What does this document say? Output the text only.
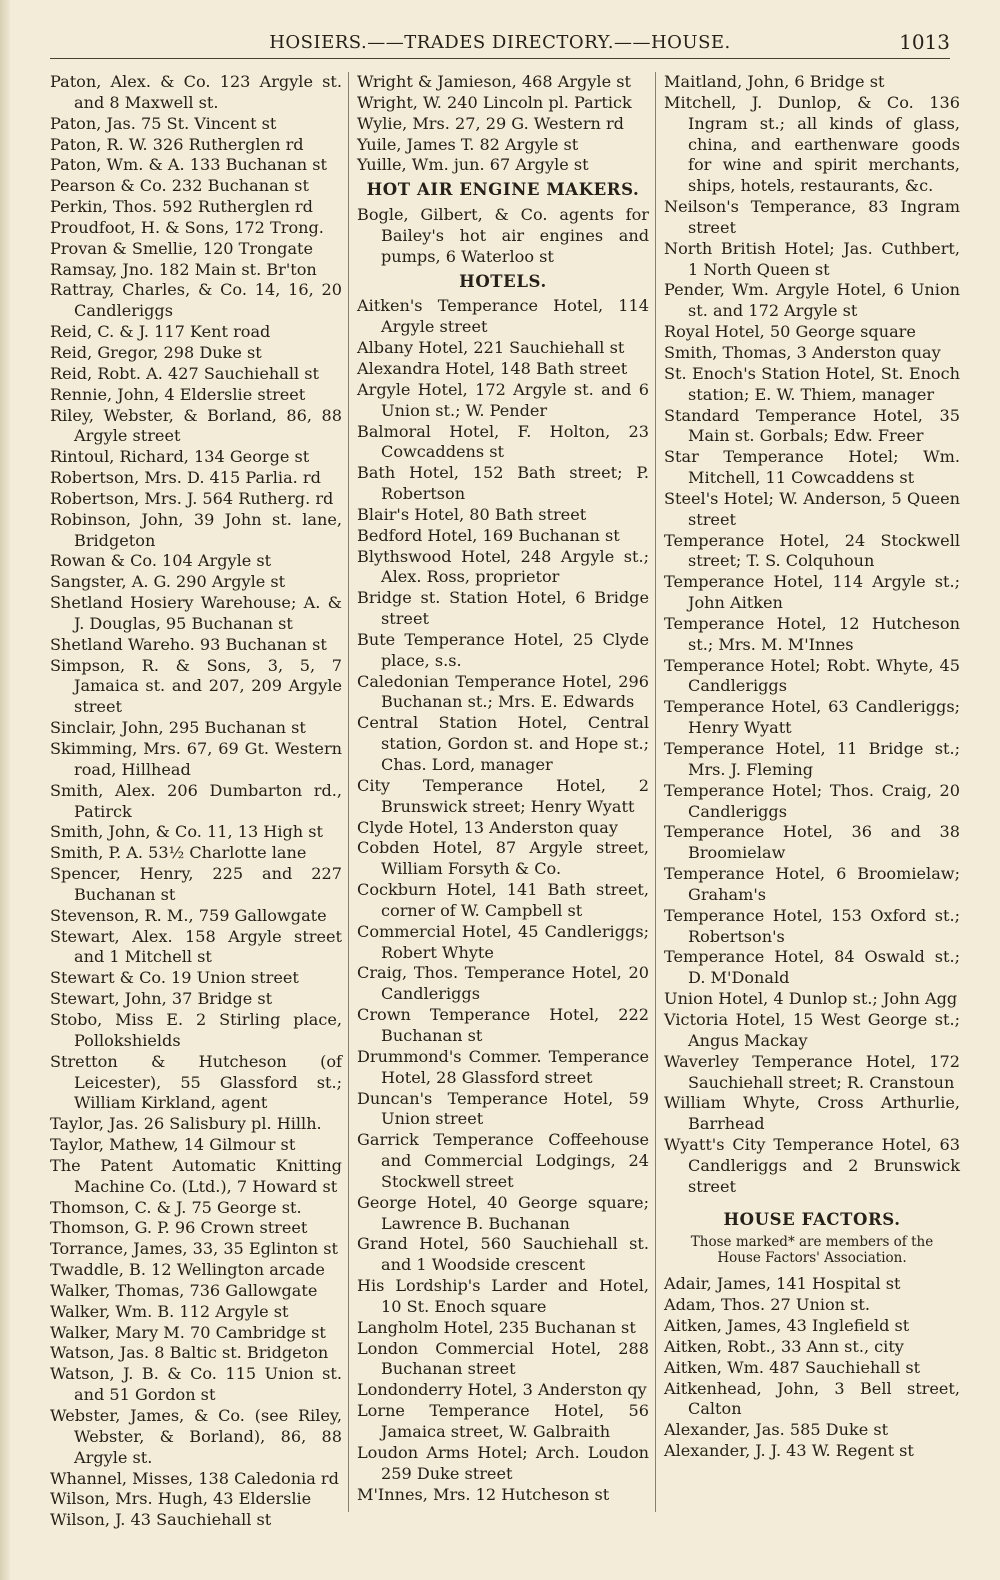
HOSIERS.——TRADES DIRECTORY.——HOUSE.	1013
Paton, Alex. & Co. 123 Argyle st. and 8 Maxwell st.
Paton, Jas. 75 St. Vincent st
Paton, R. W. 326 Rutherglen rd
Paton, Wm. & A. 133 Buchanan st
Pearson & Co. 232 Buchanan st
Perkin, Thos. 592 Rutherglen rd
Proudfoot, H. & Sons, 172 Trong.
Provan & Smellie, 120 Trongate
Ramsay, Jno. 182 Main st. Br'ton
Rattray, Charles, & Co. 14, 16, 20 Candleriggs
Reid, C. & J. 117 Kent road
Reid, Gregor, 298 Duke st
Reid, Robt. A. 427 Sauchiehall st
Rennie, John, 4 Elderslie street
Riley, Webster, & Borland, 86, 88 Argyle street
Rintoul, Richard, 134 George st
Robertson, Mrs. D. 415 Parlia. rd
Robertson, Mrs. J. 564 Rutherg. rd
Robinson, John, 39 John st. lane, Bridgeton
Rowan & Co. 104 Argyle st
Sangster, A. G. 290 Argyle st
Shetland Hosiery Warehouse; A. & J. Douglas, 95 Buchanan st
Shetland Wareho. 93 Buchanan st
Simpson, R. & Sons, 3, 5, 7 Jamaica st. and 207, 209 Argyle street
Sinclair, John, 295 Buchanan st
Skimming, Mrs. 67, 69 Gt. Western road, Hillhead
Smith, Alex. 206 Dumbarton rd., Patirck
Smith, John, & Co. 11, 13 High st
Smith, P. A. 53½ Charlotte lane
Spencer, Henry, 225 and 227 Buchanan st
Stevenson, R. M., 759 Gallowgate
Stewart, Alex. 158 Argyle street and 1 Mitchell st
Stewart & Co. 19 Union street
Stewart, John, 37 Bridge st
Stobo, Miss E. 2 Stirling place, Pollokshields
Stretton & Hutcheson (of Leicester), 55 Glassford st.; William Kirkland, agent
Taylor, Jas. 26 Salisbury pl. Hillh.
Taylor, Mathew, 14 Gilmour st
The Patent Automatic Knitting Machine Co. (Ltd.), 7 Howard st
Thomson, C. & J. 75 George st.
Thomson, G. P. 96 Crown street
Torrance, James, 33, 35 Eglinton st
Twaddle, B. 12 Wellington arcade
Walker, Thomas, 736 Gallowgate
Walker, Wm. B. 112 Argyle st
Walker, Mary M. 70 Cambridge st
Watson, Jas. 8 Baltic st. Bridgeton
Watson, J. B. & Co. 115 Union st. and 51 Gordon st
Webster, James, & Co. (see Riley, Webster, & Borland), 86, 88 Argyle st.
Whannel, Misses, 138 Caledonia rd
Wilson, Mrs. Hugh, 43 Elderslie
Wilson, J. 43 Sauchiehall st
Wright & Jamieson, 468 Argyle st
Wright, W. 240 Lincoln pl. Partick
Wylie, Mrs. 27, 29 G. Western rd
Yuile, James T. 82 Argyle st
Yuille, Wm. jun. 67 Argyle st
HOT AIR ENGINE MAKERS.
Bogle, Gilbert, & Co. agents for Bailey's hot air engines and pumps, 6 Waterloo st
HOTELS.
Aitken's Temperance Hotel, 114 Argyle street
Albany Hotel, 221 Sauchiehall st
Alexandra Hotel, 148 Bath street
Argyle Hotel, 172 Argyle st. and 6 Union st.; W. Pender
Balmoral Hotel, F. Holton, 23 Cowcaddens st
Bath Hotel, 152 Bath street; P. Robertson
Blair's Hotel, 80 Bath street
Bedford Hotel, 169 Buchanan st
Blythswood Hotel, 248 Argyle st.; Alex. Ross, proprietor
Bridge st. Station Hotel, 6 Bridge street
Bute Temperance Hotel, 25 Clyde place, s.s.
Caledonian Temperance Hotel, 296 Buchanan st.; Mrs. E. Edwards
Central Station Hotel, Central station, Gordon st. and Hope st.; Chas. Lord, manager
City Temperance Hotel, 2 Brunswick street; Henry Wyatt
Clyde Hotel, 13 Anderston quay
Cobden Hotel, 87 Argyle street, William Forsyth & Co.
Cockburn Hotel, 141 Bath street, corner of W. Campbell st
Commercial Hotel, 45 Candleriggs; Robert Whyte
Craig, Thos. Temperance Hotel, 20 Candleriggs
Crown Temperance Hotel, 222 Buchanan st
Drummond's Commer. Temperance Hotel, 28 Glassford street
Duncan's Temperance Hotel, 59 Union street
Garrick Temperance Coffeehouse and Commercial Lodgings, 24 Stockwell street
George Hotel, 40 George square; Lawrence B. Buchanan
Grand Hotel, 560 Sauchiehall st. and 1 Woodside crescent
His Lordship's Larder and Hotel, 10 St. Enoch square
Langholm Hotel, 235 Buchanan st
London Commercial Hotel, 288 Buchanan street
Londonderry Hotel, 3 Anderston qy
Lorne Temperance Hotel, 56 Jamaica street, W. Galbraith
Loudon Arms Hotel; Arch. Loudon 259 Duke street
M'Innes, Mrs. 12 Hutcheson st
Maitland, John, 6 Bridge st
Mitchell, J. Dunlop, & Co. 136 Ingram st.; all kinds of glass, china, and earthenware goods for wine and spirit merchants, ships, hotels, restaurants, &c.
Neilson's Temperance, 83 Ingram street
North British Hotel; Jas. Cuthbert, 1 North Queen st
Pender, Wm. Argyle Hotel, 6 Union st. and 172 Argyle st
Royal Hotel, 50 George square
Smith, Thomas, 3 Anderston quay
St. Enoch's Station Hotel, St. Enoch station; E. W. Thiem, manager
Standard Temperance Hotel, 35 Main st. Gorbals; Edw. Freer
Star Temperance Hotel; Wm. Mitchell, 11 Cowcaddens st
Steel's Hotel; W. Anderson, 5 Queen street
Temperance Hotel, 24 Stockwell street; T. S. Colquhoun
Temperance Hotel, 114 Argyle st.; John Aitken
Temperance Hotel, 12 Hutcheson st.; Mrs. M. M'Innes
Temperance Hotel; Robt. Whyte, 45 Candleriggs
Temperance Hotel, 63 Candleriggs; Henry Wyatt
Temperance Hotel, 11 Bridge st.; Mrs. J. Fleming
Temperance Hotel; Thos. Craig, 20 Candleriggs
Temperance Hotel, 36 and 38 Broomielaw
Temperance Hotel, 6 Broomielaw; Graham's
Temperance Hotel, 153 Oxford st.; Robertson's
Temperance Hotel, 84 Oswald st.; D. M'Donald
Union Hotel, 4 Dunlop st.; John Agg
Victoria Hotel, 15 West George st.; Angus Mackay
Waverley Temperance Hotel, 172 Sauchiehall street; R. Cranstoun
William Whyte, Cross Arthurlie, Barrhead
Wyatt's City Temperance Hotel, 63 Candleriggs and 2 Brunswick street
HOUSE FACTORS.
Those marked* are members of the House Factors' Association.
Adair, James, 141 Hospital st
Adam, Thos. 27 Union st.
Aitken, James, 43 Inglefield st
Aitken, Robt., 33 Ann st., city
Aitken, Wm. 487 Sauchiehall st
Aitkenhead, John, 3 Bell street, Calton
Alexander, Jas. 585 Duke st
Alexander, J. J. 43 W. Regent st
